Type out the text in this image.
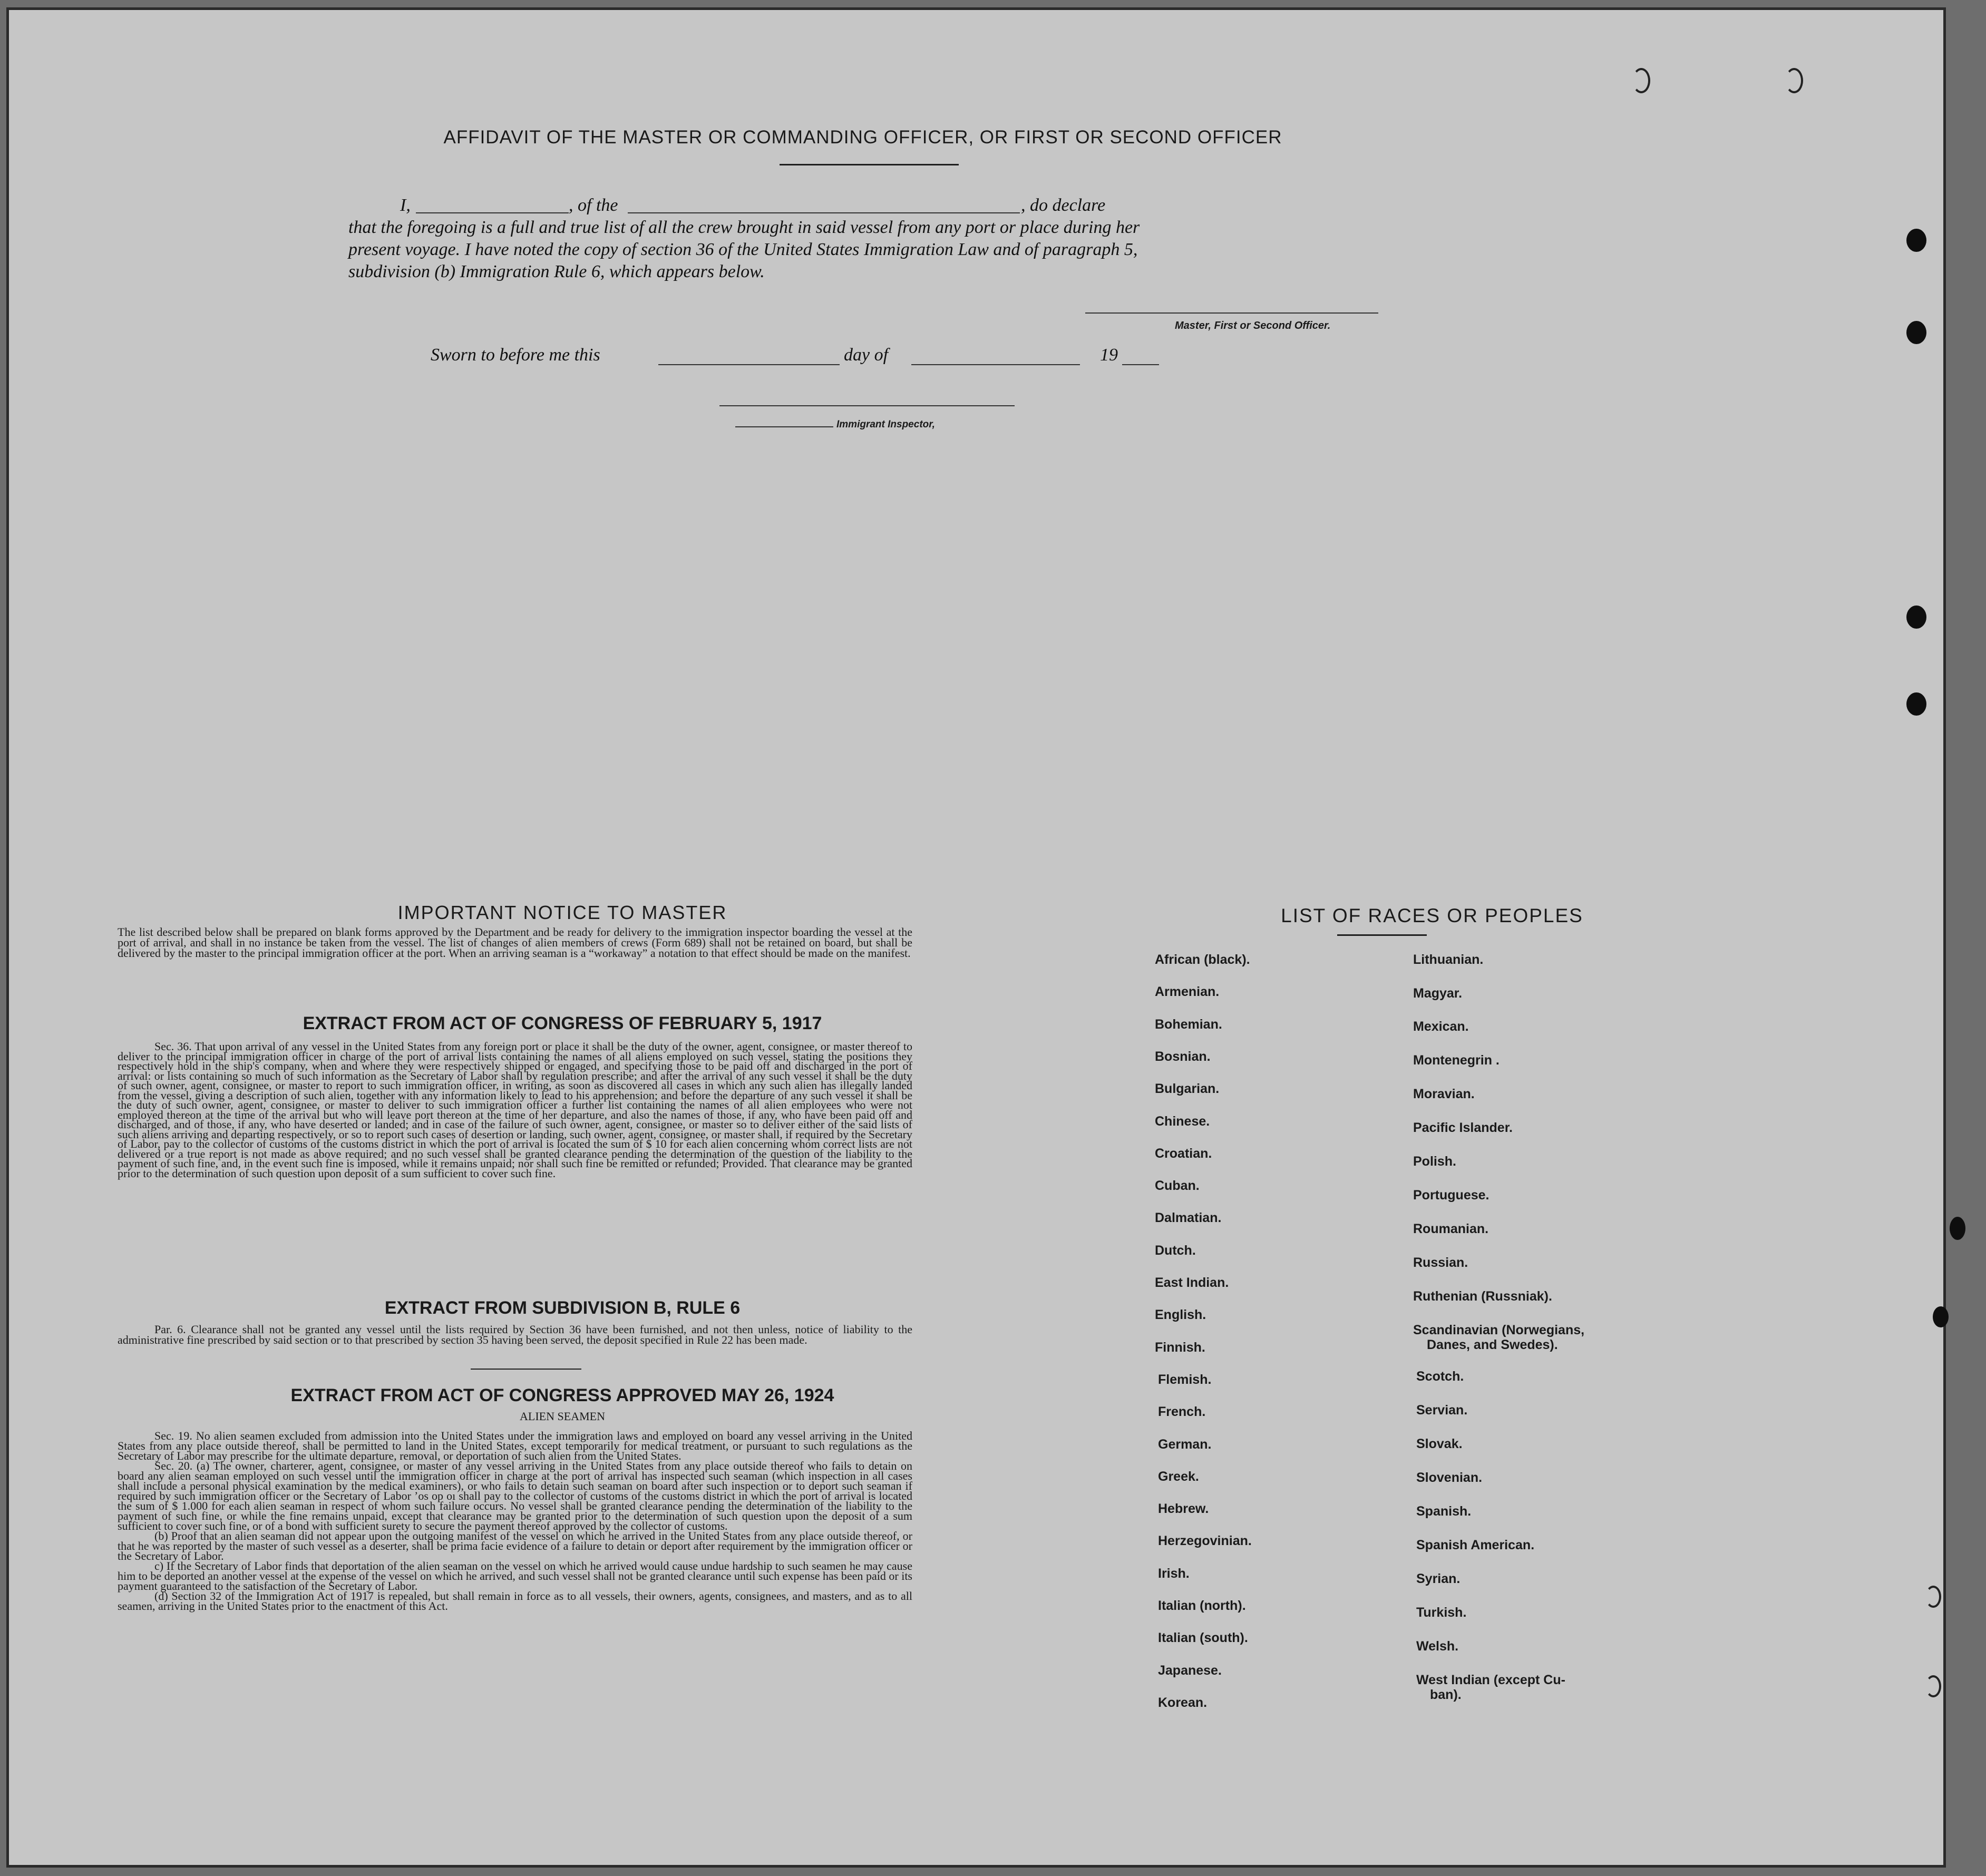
AFFIDAVIT OF THE MASTER OR COMMANDING OFFICER, OR FIRST OR SECOND OFFICER
I,	, of the	, do declare
that the foregoing is a full and true list of all the crew brought in said vessel from any port or place during her
present voyage. I have noted the copy of section 36 of the United States Immigration Law and of paragraph 5,
subdivision (b) Immigration Rule 6, which appears below.
Master, First or Second Officer.
Sworn to before me this	day of	19
Immigrant Inspector,
IMPORTANT NOTICE TO MASTER
The list described below shall be prepared on blank forms approved by the Department and be ready for delivery to the immigration inspector boarding the vessel at the port of arrival, and shall in no instance be taken from the vessel. The list of changes of alien members of crews (Form 689) shall not be retained on board, but shall be delivered by the master to the principal immigration officer at the port. When an arriving seaman is a “workaway” a notation to that effect should be made on the manifest.
EXTRACT FROM ACT OF CONGRESS OF FEBRUARY 5, 1917
Sec. 36. That upon arrival of any vessel in the United States from any foreign port or place it shall be the duty of the owner, agent, consignee, or master thereof to deliver to the principal immigration officer in charge of the port of arrival lists containing the names of all aliens employed on such vessel, stating the positions they respectively hold in the ship's company, when and where they were respectively shipped or engaged, and specifying those to be paid off and discharged in the port of arrival: or lists containing so much of such information as the Secretary of Labor shall by regulation prescribe; and after the arrival of any such vessel it shall be the duty of such owner, agent, consignee, or master to report to such immigration officer, in writing, as soon as discovered all cases in which any such alien has illegally landed from the vessel, giving a description of such alien, together with any information likely to lead to his apprehension; and before the departure of any such vessel it shall be the duty of such owner, agent, consignee, or master to deliver to such immigration officer a further list containing the names of all alien employees who were not employed thereon at the time of the arrival but who will leave port thereon at the time of her departure, and also the names of those, if any, who have been paid off and discharged, and of those, if any, who have deserted or landed; and in case of the failure of such owner, agent, consignee, or master so to deliver either of the said lists of such aliens arriving and departing respectively, or so to report such cases of desertion or landing, such owner, agent, consignee, or master shall, if required by the Secretary of Labor, pay to the collector of customs of the customs district in which the port of arrival is located the sum of $ 10 for each alien concerning whom correct lists are not delivered or a true report is not made as above required; and no such vessel shall be granted clearance pending the determination of the question of the liability to the payment of such fine, and, in the event such fine is imposed, while it remains unpaid; nor shall such fine be remitted or refunded; Provided. That clearance may be granted prior to the determination of such question upon deposit of a sum sufficient to cover such fine.
EXTRACT FROM SUBDIVISION B, RULE 6
Par. 6. Clearance shall not be granted any vessel until the lists required by Section 36 have been furnished, and not then unless, notice of liability to the administrative fine prescribed by said section or to that prescribed by section 35 having been served, the deposit specified in Rule 22 has been made.
EXTRACT FROM ACT OF CONGRESS APPROVED MAY 26, 1924
ALIEN SEAMEN
Sec. 19. No alien seamen excluded from admission into the United States under the immigration laws and employed on board any vessel arriving in the United States from any place outside thereof, shall be permitted to land in the United States, except temporarily for medical treatment, or pursuant to such regulations as the Secretary of Labor may prescribe for the ultimate departure, removal, or deportation of such alien from the United States.
Sec. 20. (a) The owner, charterer, agent, consignee, or master of any vessel arriving in the United States from any place outside thereof who fails to detain on board any alien seaman employed on such vessel until the immigration officer in charge at the port of arrival has inspected such seaman (which inspection in all cases shall include a personal physical examination by the medical examiners), or who fails to detain such seaman on board after such inspection or to deport such seaman if required by such immigration officer or the Secretary of Labor ’os op oı shall pay to the collector of customs of the customs district in which the port of arrival is located the sum of $ 1.000 for each alien seaman in respect of whom such failure occurs. No vessel shall be granted clearance pending the determination of the liability to the payment of such fine, or while the fine remains unpaid, except that clearance may be granted prior to the determination of such question upon the deposit of a sum sufficient to cover such fine, or of a bond with sufficient surety to secure the payment thereof approved by the collector of customs.
(b) Proof that an alien seaman did not appear upon the outgoing manifest of the vessel on which he arrived in the United States from any place outside thereof, or that he was reported by the master of such vessel as a deserter, shall be prima facie evidence of a failure to detain or deport after requirement by the immigration officer or the Secretary of Labor.
c) If the Secretary of Labor finds that deportation of the alien seaman on the vessel on which he arrived would cause undue hardship to such seamen he may cause him to be deported an another vessel at the expense of the vessel on which he arrived, and such vessel shall not be granted clearance until such expense has been paid or its payment guaranteed to the satisfaction of the Secretary of Labor.
(d) Section 32 of the Immigration Act of 1917 is repealed, but shall remain in force as to all vessels, their owners, agents, consignees, and masters, and as to all seamen, arriving in the United States prior to the enactment of this Act.
LIST OF RACES OR PEOPLES
African (black).
Armenian.
Bohemian.
Bosnian.
Bulgarian.
Chinese.
Croatian.
Cuban.
Dalmatian.
Dutch.
East Indian.
English.
Finnish.
Flemish.
French.
German.
Greek.
Hebrew.
Herzegovinian.
Irish.
Italian (north).
Italian (south).
Japanese.
Korean.
Lithuanian.
Magyar.
Mexican.
Montenegrin .
Moravian.
Pacific Islander.
Polish.
Portuguese.
Roumanian.
Russian.
Ruthenian (Russniak).
Scandinavian (Norwegians,
Danes, and Swedes).
Scotch.
Servian.
Slovak.
Slovenian.
Spanish.
Spanish American.
Syrian.
Turkish.
Welsh.
West Indian (except Cu-
ban).
